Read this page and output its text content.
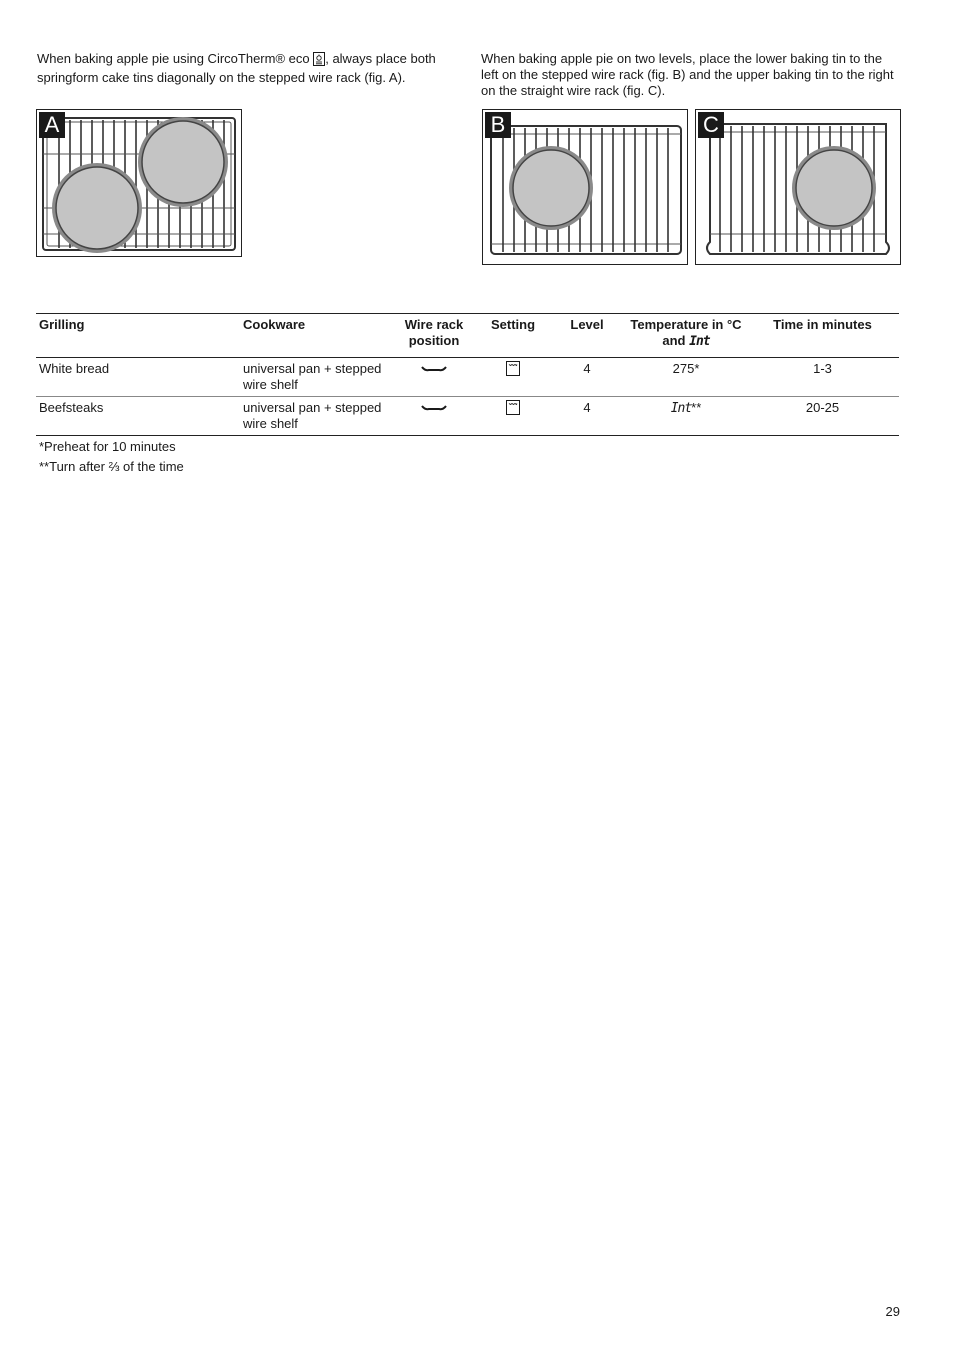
When baking apple pie using CircoTherm® eco , always place both springform cake tins diagonally on the stepped wire rack (fig. A).

When baking apple pie on two levels, place the lower baking tin to the left on the stepped wire rack (fig. B) and the upper baking tin to the right on the straight wire rack (fig. C).

A	B	C
Grilling	Cookware	Wire rack position	Setting	Level	Temperature in °C and Int	Time in minutes
White bread	universal pan + stepped wire shelf			4	275*	1-3
Beefsteaks	universal pan + stepped wire shelf			4	Int**	20-25
*Preheat for 10 minutes
**Turn after ⅔ of the time
29
